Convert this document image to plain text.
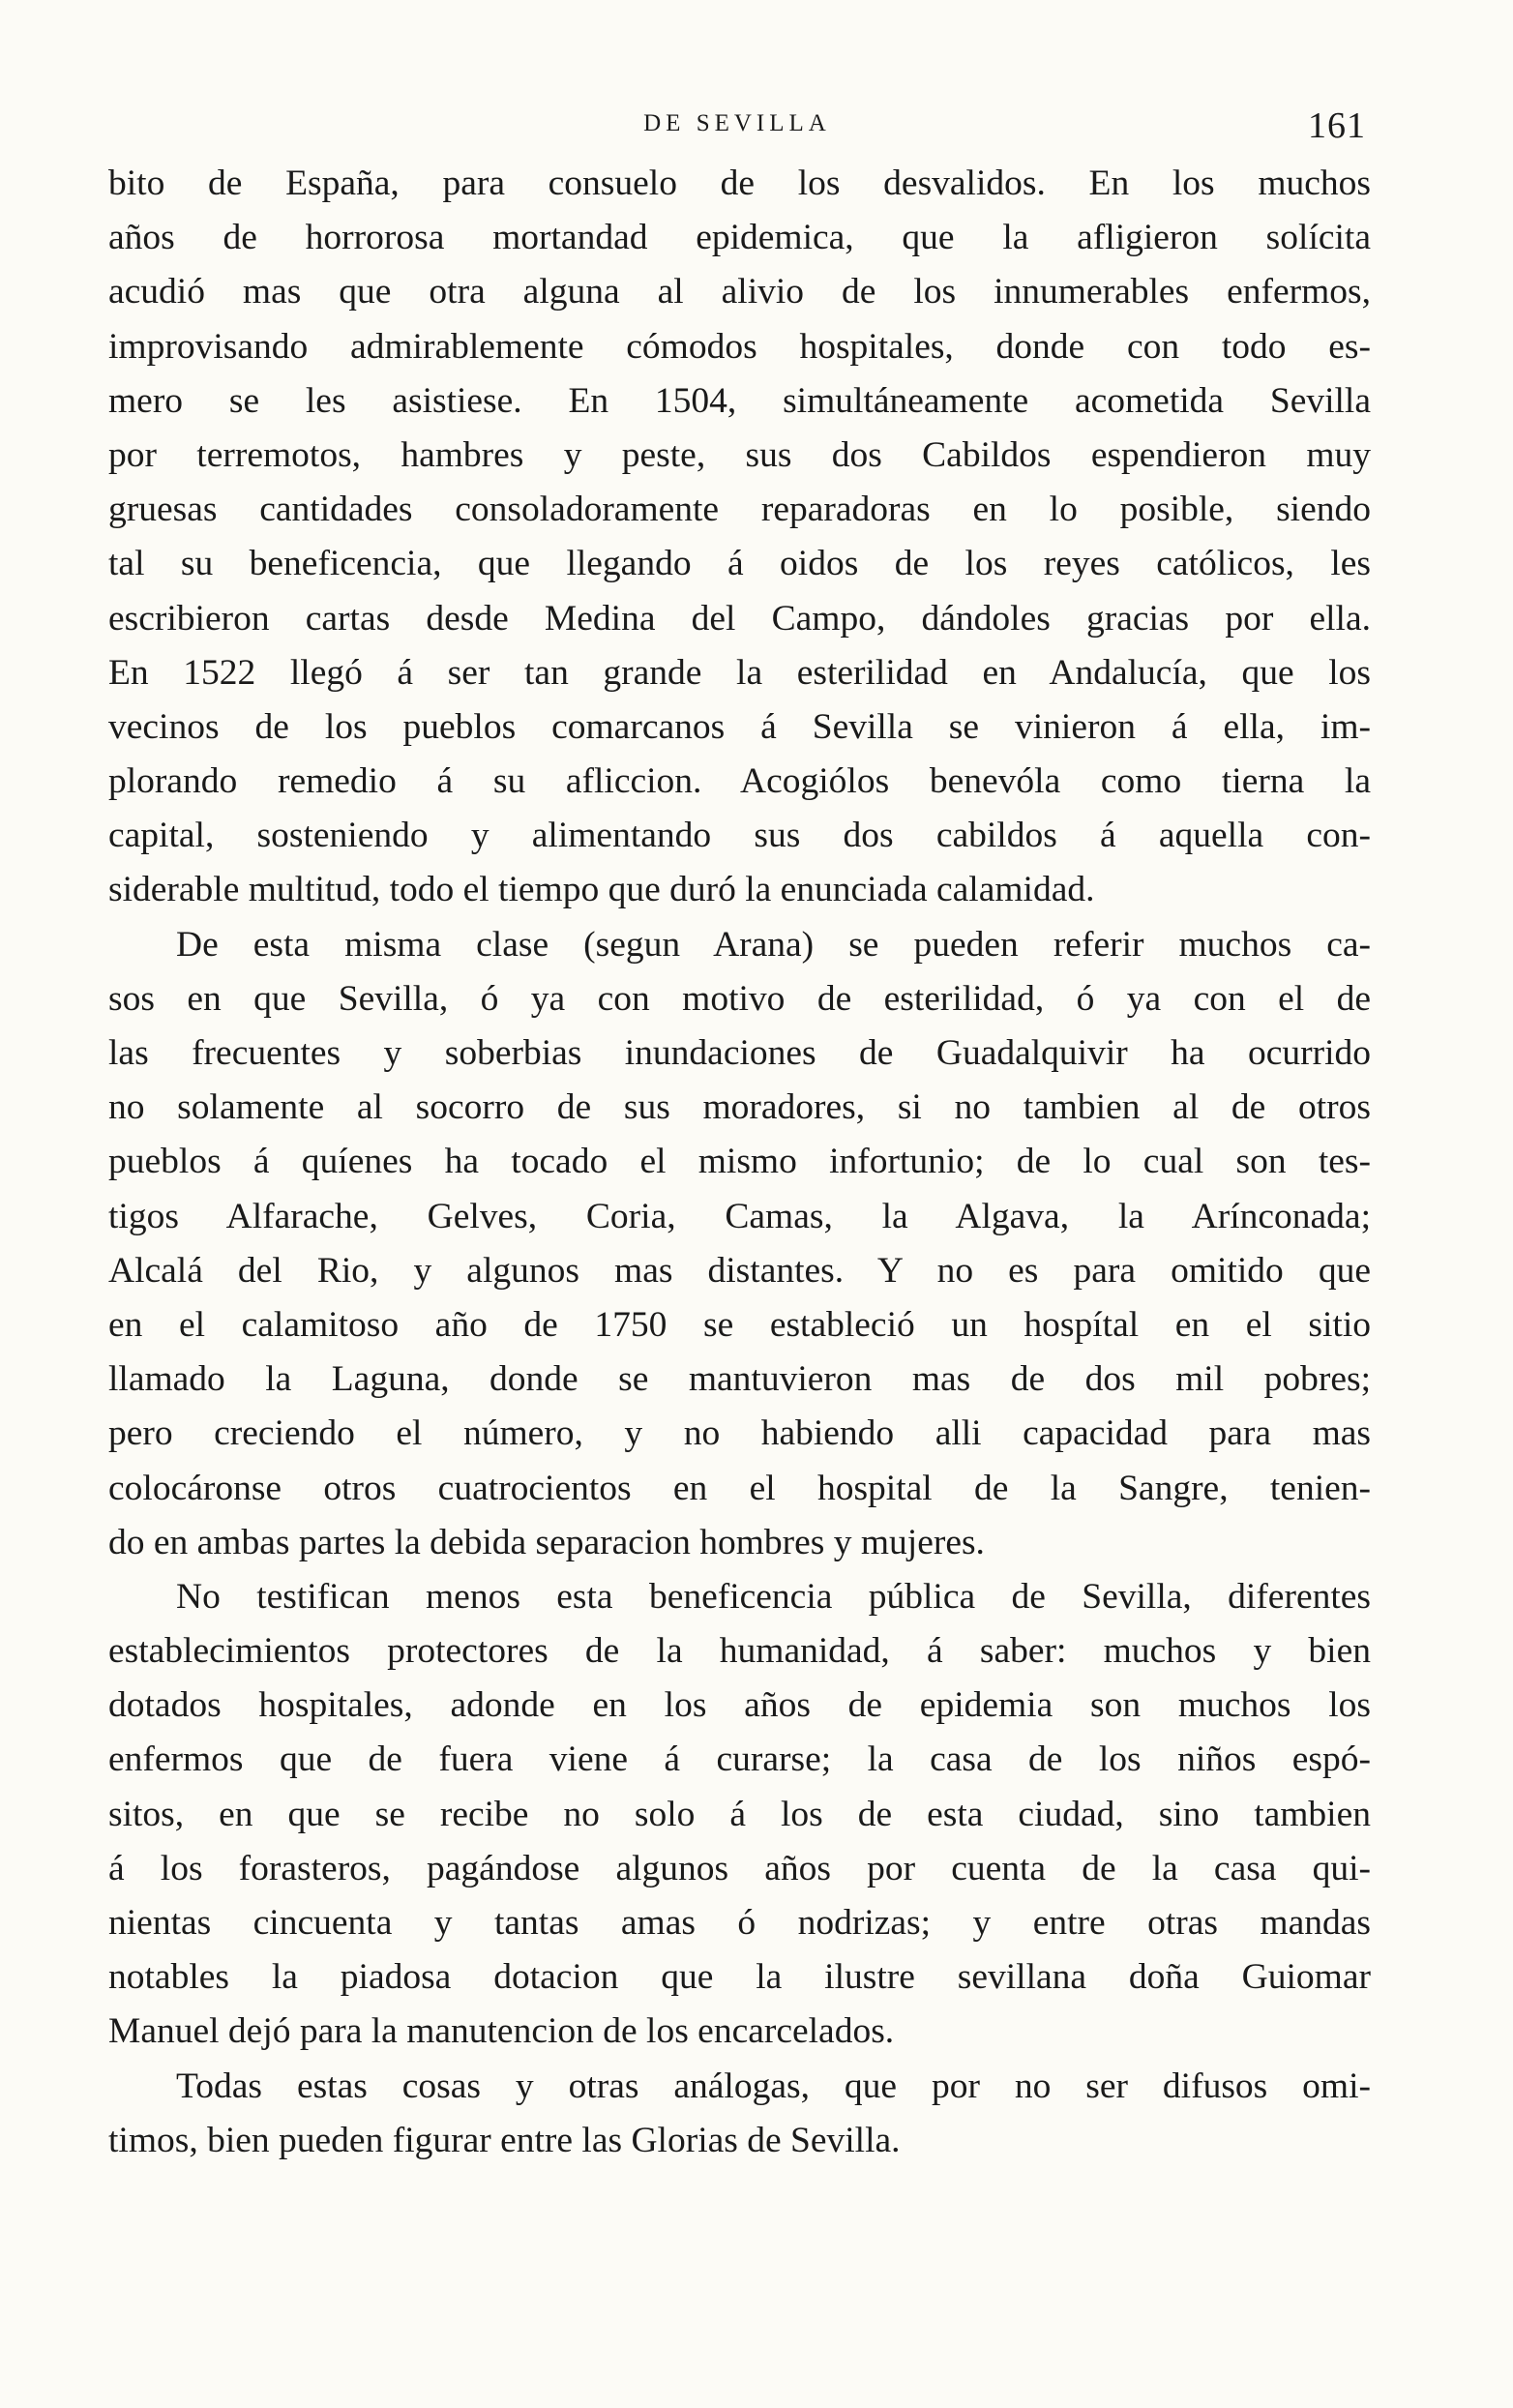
DE SEVILLA	161
bito de España, para consuelo de los desvalidos. En los muchos
años de horrorosa mortandad epidemica, que la afligieron solícita
acudió mas que otra alguna al alivio de los innumerables enfermos,
improvisando admirablemente cómodos hospitales, donde con todo es-
mero se les asistiese. En 1504, simultáneamente acometida Sevilla
por terremotos, hambres y peste, sus dos Cabildos espendieron muy
gruesas cantidades consoladoramente reparadoras en lo posible, siendo
tal su beneficencia, que llegando á oidos de los reyes católicos, les
escribieron cartas desde Medina del Campo, dándoles gracias por ella.
En 1522 llegó á ser tan grande la esterilidad en Andalucía, que los
vecinos de los pueblos comarcanos á Sevilla se vinieron á ella, im-
plorando remedio á su afliccion. Acogiólos benevóla como tierna la
capital, sosteniendo y alimentando sus dos cabildos á aquella con-
siderable multitud, todo el tiempo que duró la enunciada calamidad.
De esta misma clase (segun Arana) se pueden referir muchos ca-
sos en que Sevilla, ó ya con motivo de esterilidad, ó ya con el de
las frecuentes y soberbias inundaciones de Guadalquivir ha ocurrido
no solamente al socorro de sus moradores, si no tambien al de otros
pueblos á quíenes ha tocado el mismo infortunio; de lo cual son tes-
tigos Alfarache, Gelves, Coria, Camas, la Algava, la Arínconada;
Alcalá del Rio, y algunos mas distantes. Y no es para omitido que
en el calamitoso año de 1750 se estableció un hospítal en el sitio
llamado la Laguna, donde se mantuvieron mas de dos mil pobres;
pero creciendo el número, y no habiendo alli capacidad para mas
colocáronse otros cuatrocientos en el hospital de la Sangre, tenien-
do en ambas partes la debida separacion hombres y mujeres.
No testifican menos esta beneficencia pública de Sevilla, diferentes
establecimientos protectores de la humanidad, á saber: muchos y bien
dotados hospitales, adonde en los años de epidemia son muchos los
enfermos que de fuera viene á curarse; la casa de los niños espó-
sitos, en que se recibe no solo á los de esta ciudad, sino tambien
á los forasteros, pagándose algunos años por cuenta de la casa qui-
nientas cincuenta y tantas amas ó nodrizas; y entre otras mandas
notables la piadosa dotacion que la ilustre sevillana doña Guiomar
Manuel dejó para la manutencion de los encarcelados.
Todas estas cosas y otras análogas, que por no ser difusos omi-
timos, bien pueden figurar entre las Glorias de Sevilla.
